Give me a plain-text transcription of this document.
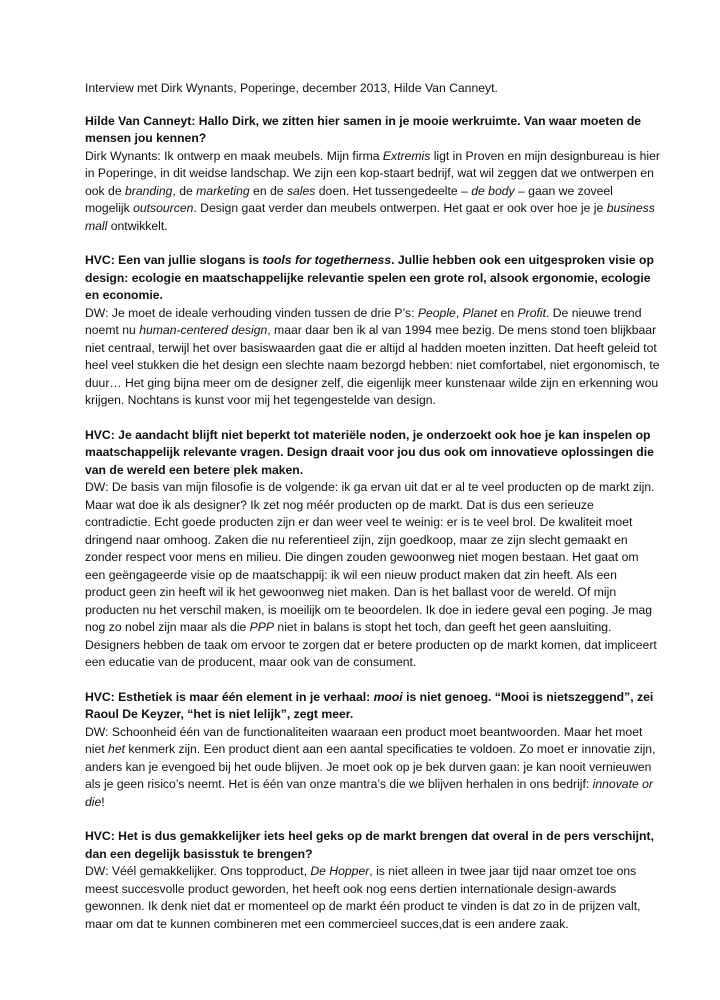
Interview met Dirk Wynants, Poperinge, december 2013, Hilde Van Canneyt.

Hilde Van Canneyt: Hallo Dirk, we zitten hier samen in je mooie werkruimte. Van waar moeten de mensen jou kennen?

Dirk Wynants: Ik ontwerp en maak meubels. Mijn firma Extremis ligt in Proven en mijn designbureau is hier in Poperinge, in dit weidse landschap. We zijn een kop-staart bedrijf, wat wil zeggen dat we ontwerpen en ook de branding, de marketing en de sales doen. Het tussengedeelte – de body – gaan we zoveel mogelijk outsourcen. Design gaat verder dan meubels ontwerpen. Het gaat er ook over hoe je je business mall ontwikkelt.

HVC: Een van jullie slogans is tools for togetherness. Jullie hebben ook een uitgesproken visie op design: ecologie en maatschappelijke relevantie spelen een grote rol, alsook ergonomie, ecologie en economie.

DW: Je moet de ideale verhouding vinden tussen de drie P’s: People, Planet en Profit. De nieuwe trend noemt nu human-centered design, maar daar ben ik al van 1994 mee bezig. De mens stond toen blijkbaar niet centraal, terwijl het over basiswaarden gaat die er altijd al hadden moeten inzitten. Dat heeft geleid tot heel veel stukken die het design een slechte naam bezorgd hebben: niet comfortabel, niet ergonomisch, te duur… Het ging bijna meer om de designer zelf, die eigenlijk meer kunstenaar wilde zijn en erkenning wou krijgen. Nochtans is kunst voor mij het tegengestelde van design.

HVC: Je aandacht blijft niet beperkt tot materiële noden, je onderzoekt ook hoe je kan inspelen op maatschappelijk relevante vragen. Design draait voor jou dus ook om innovatieve oplossingen die van de wereld een betere plek maken.

DW: De basis van mijn filosofie is de volgende: ik ga ervan uit dat er al te veel producten op de markt zijn. Maar wat doe ik als designer? Ik zet nog méér producten op de markt. Dat is dus een serieuze contradictie. Echt goede producten zijn er dan weer veel te weinig: er is te veel brol. De kwaliteit moet dringend naar omhoog. Zaken die nu referentieel zijn, zijn goedkoop, maar ze zijn slecht gemaakt en zonder respect voor mens en milieu. Die dingen zouden gewoonweg niet mogen bestaan. Het gaat om een geëngageerde visie op de maatschappij: ik wil een nieuw product maken dat zin heeft. Als een product geen zin heeft wil ik het gewoonweg niet maken. Dan is het ballast voor de wereld. Of mijn producten nu het verschil maken, is moeilijk om te beoordelen. Ik doe in iedere geval een poging. Je mag nog zo nobel zijn maar als die PPP niet in balans is stopt het toch, dan geeft het geen aansluiting. Designers hebben de taak om ervoor te zorgen dat er betere producten op de markt komen, dat impliceert een educatie van de producent, maar ook van de consument.

HVC: Esthetiek is maar één element in je verhaal: mooi is niet genoeg. “Mooi is nietszeggend”, zei Raoul De Keyzer, “het is niet lelijk”, zegt meer.

DW: Schoonheid één van de functionaliteiten waaraan een product moet beantwoorden. Maar het moet niet het kenmerk zijn. Een product dient aan een aantal specificaties te voldoen. Zo moet er innovatie zijn, anders kan je evengoed bij het oude blijven. Je moet ook op je bek durven gaan: je kan nooit vernieuwen als je geen risico’s neemt. Het is één van onze mantra’s die we blijven herhalen in ons bedrijf: innovate or die!

HVC: Het is dus gemakkelijker iets heel geks op de markt brengen dat overal in de pers verschijnt, dan een degelijk basisstuk te brengen?

DW: Véél gemakkelijker. Ons topproduct, De Hopper, is niet alleen in twee jaar tijd naar omzet toe ons meest succesvolle product geworden, het heeft ook nog eens dertien internationale design-awards gewonnen. Ik denk niet dat er momenteel op de markt één product te vinden is dat zo in de prijzen valt, maar om dat te kunnen combineren met een commercieel succes,dat is een andere zaak.
